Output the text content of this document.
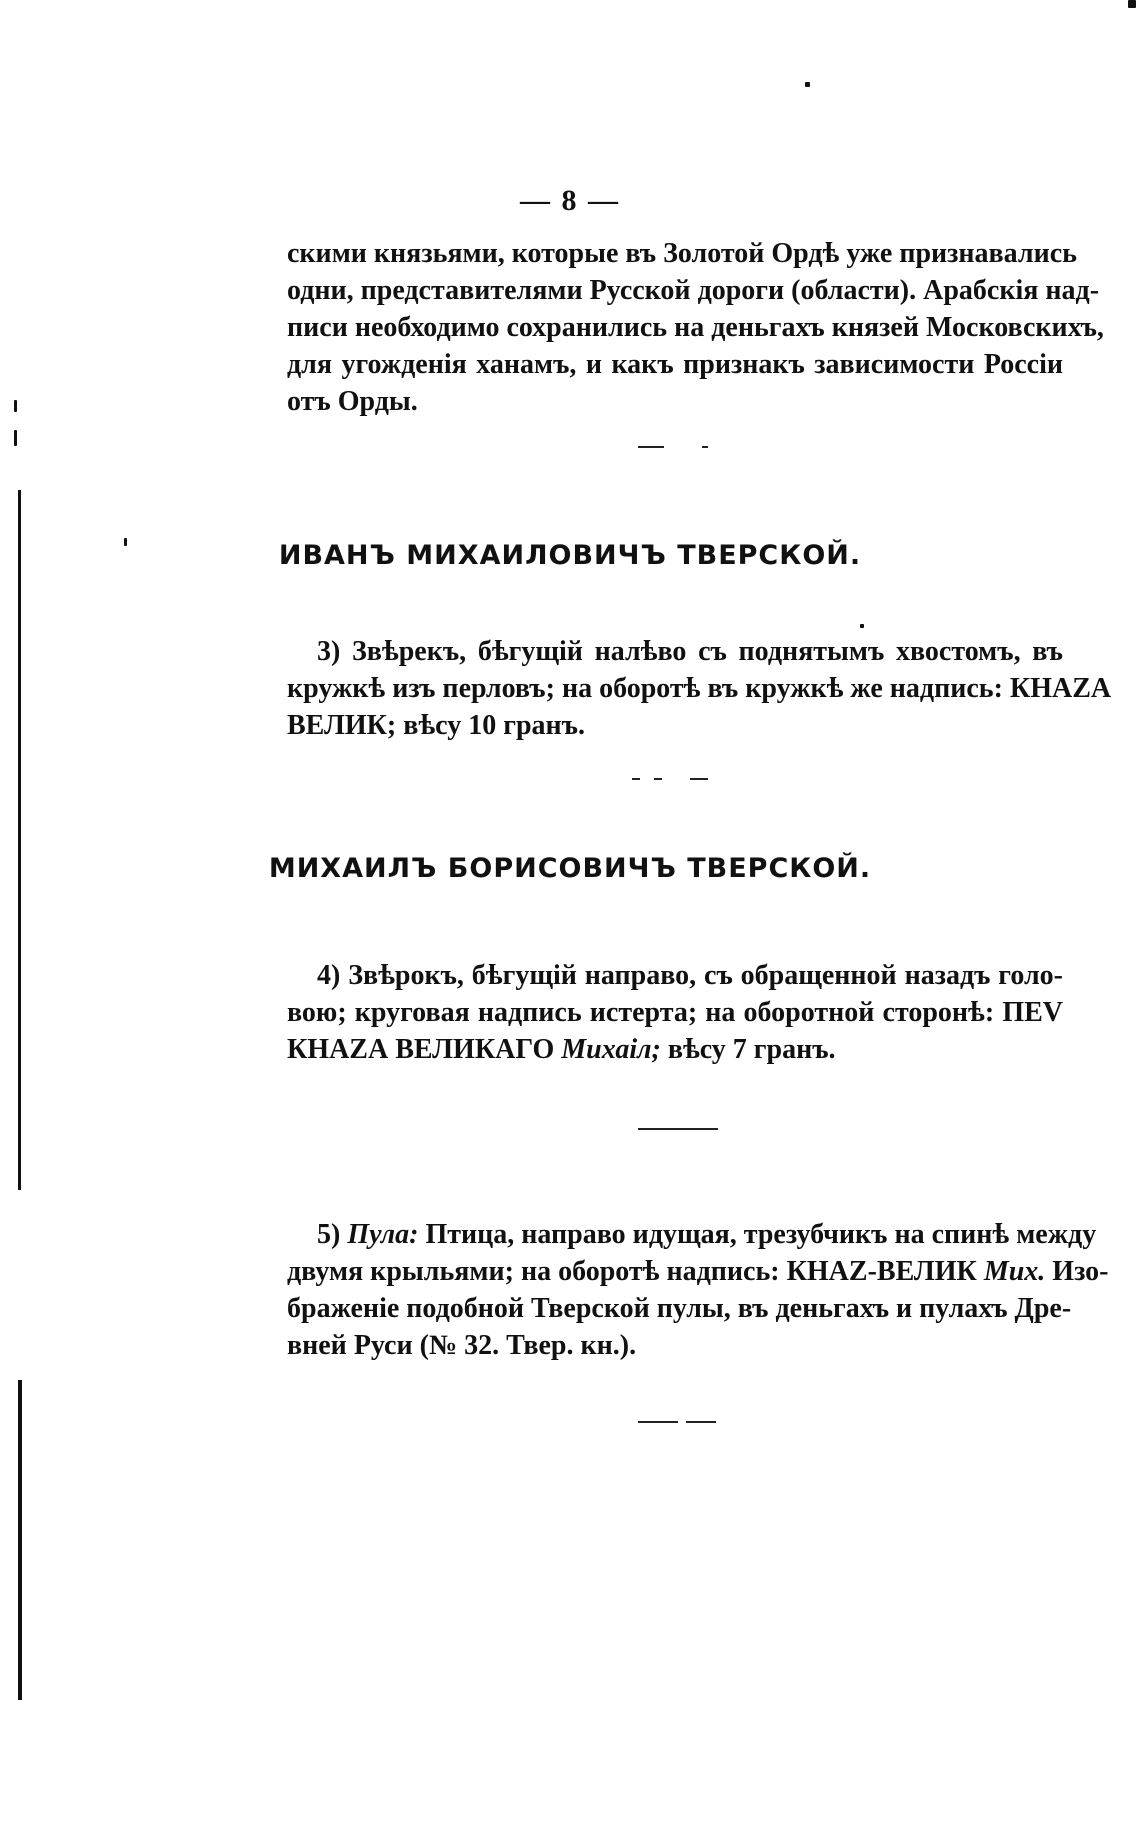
— 8 —
скими князьями, которые въ Золотой Ордѣ уже признавались
одни, представителями Русской дороги (области). Арабскія над-
писи необходимо сохранились на деньгахъ князей Московскихъ,
для угожденія ханамъ, и какъ признакъ зависимости Россіи
отъ Орды.
ИВАНЪ МИХАИЛОВИЧЪ ТВЕРСКОЙ.
3) Звѣрекъ, бѣгущій налѣво съ поднятымъ хвостомъ, въ
кружкѣ изъ перловъ; на оборотѣ въ кружкѣ же надпись: КНАZА
ВЕЛИК; вѣсу 10 гранъ.
МИХАИЛЪ БОРИСОВИЧЪ ТВЕРСКОЙ.
4) Звѣрокъ, бѣгущій направо, съ обращенной назадъ голо-
вою; круговая надпись истерта; на оборотной сторонѣ: ПЕV
КНАZА ВЕЛИКАГО Михаіл; вѣсу 7 гранъ.
5) Пула: Птица, направо идущая, трезубчикъ на спинѣ между
двумя крыльями; на оборотѣ надпись: КНАZ-ВЕЛИК Мих. Изо-
браженіе подобной Тверской пулы, въ деньгахъ и пулахъ Дре-
вней Руси (№ 32. Твер. кн.).
